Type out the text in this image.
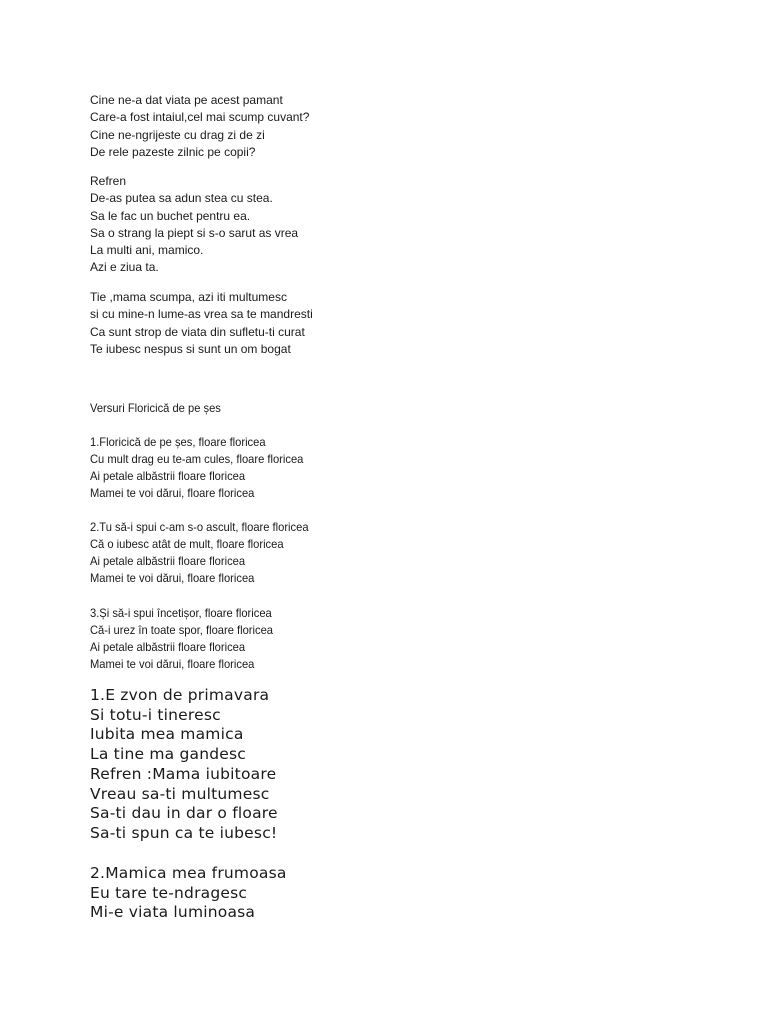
Cine ne-a dat viata pe acest pamant
Care-a fost intaiul,cel mai scump cuvant?
Cine ne-ngrijeste cu drag zi de zi
De rele pazeste zilnic pe copii?
Refren
De-as putea sa adun stea cu stea.
Sa le fac un buchet pentru ea.
Sa o strang la piept si s-o sarut as vrea
La multi ani, mamico.
Azi e ziua ta.
Tie ,mama scumpa, azi iti multumesc
si cu mine-n lume-as vrea sa te mandresti
Ca sunt strop de viata din sufletu-ti curat
Te iubesc nespus si sunt un om bogat
Versuri Floricică de pe șes
1.Floricică de pe șes, floare floricea
Cu mult drag eu te-am cules, floare floricea
Ai petale albăstrii floare floricea
Mamei te voi dărui, floare floricea
2.Tu să-i spui c-am s-o ascult, floare floricea
Că o iubesc atât de mult, floare floricea
Ai petale albăstrii floare floricea
Mamei te voi dărui, floare floricea
3.Și să-i spui încetișor, floare floricea
Că-i urez în toate spor, floare floricea
Ai petale albăstrii floare floricea
Mamei te voi dărui, floare floricea
1.E zvon de primavara
Si totu-i tineresc
Iubita mea mamica
La tine ma gandesc
Refren :Mama iubitoare
Vreau sa-ti multumesc
Sa-ti dau in dar o floare
Sa-ti spun ca te iubesc!
2.Mamica mea frumoasa
Eu tare te-ndragesc
Mi-e viata luminoasa
